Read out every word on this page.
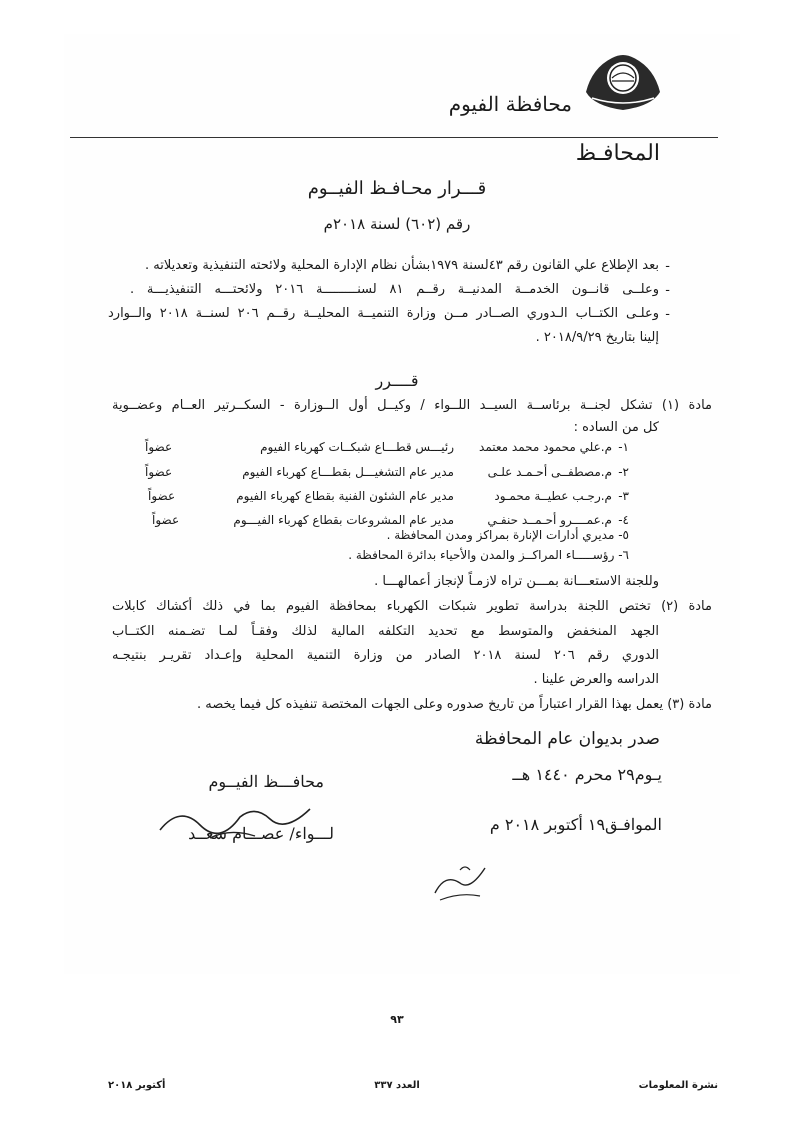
محافظة الفيوم
المحافـظ
قـــرار محـافـظ الفيــوم
رقم (٦٠٢) لسنة ٢٠١٨م
-
بعد الإطلاع علي القانون رقم ٤٣لسنة ١٩٧٩بشأن نظام الإدارة المحلية ولائحته التنفيذية وتعديلاته .
-
وعلــى قانــون الخدمــة المدنيــة رقــم ٨١ لسنـــــــــة ٢٠١٦ ولائحتـــه التنفيذيـــة .
-
وعلـى الكتــاب الـدوري الصــادر مــن وزارة التنميــة المحليــة رقــم ٢٠٦ لسنــة ٢٠١٨ والــوارد
إلينا بتاريخ ٢٠١٨/٩/٢٩ .
قــــرر
مادة (١) تشكل لجنــة برئاســة السيــد اللــواء / وكيــل أول الــوزارة - السكــرتير العــام وعضــوية
كل من الساده :
١-
م.علي محمود محمد معتمد
رئيـــس قطـــاع شبكــات كهرباء الفيوم
عضواً
٢-
م.مصطفــى أحـمـد علـى
مدير عام التشغيـــل بقطـــاع كهرباء الفيوم
عضواً
٣-
م.رجـب عطيــة محمـود
مدير عام الشئون الفنية بقطاع كهرباء الفيوم
عضواً
٤-
م.عمــــرو أحـمــد حنفـي
مدير عام المشروعات بقطاع كهرباء الفيـــوم
عضواً
٥- مديري أدارات الإنارة بمراكز ومدن المحافظة .
٦- رؤســـــاء المراكــز والمدن والأحياء بدائرة المحافظة .
وللجنة الاستعـــانة بمـــن تراه لازمـاً لإنجاز أعمالهـــا .
مادة (٢) تختص اللجنة بدراسة تطوير شبكات الكهرباء بمحافظة الفيوم بما في ذلك أكشاك كابلات
الجهد المنخفض والمتوسط مع تحديد التكلفه المالية لذلك وفقـاً لمـا تضـمنه الكتــاب
الدوري رقم ٢٠٦ لسنة ٢٠١٨ الصادر من وزارة التنمية المحلية وإعـداد تقريـر بنتيجـه
الدراسه والعرض علينا .
مادة (٣) يعمل بهذا القرار اعتباراً من تاريخ صدوره وعلى الجهات المختصة تنفيذه كل فيما يخصه .
صدر بديوان عام المحافظة
يـوم٢٩ محرم ١٤٤٠ هــ
الموافـق١٩ أكتوبر ٢٠١٨ م
محافـــظ الفيــوم
لـــواء/ عصـــام سعــد
٩٣
نشرة المعلومات
العدد ٣٣٧
أكتوبر ٢٠١٨
